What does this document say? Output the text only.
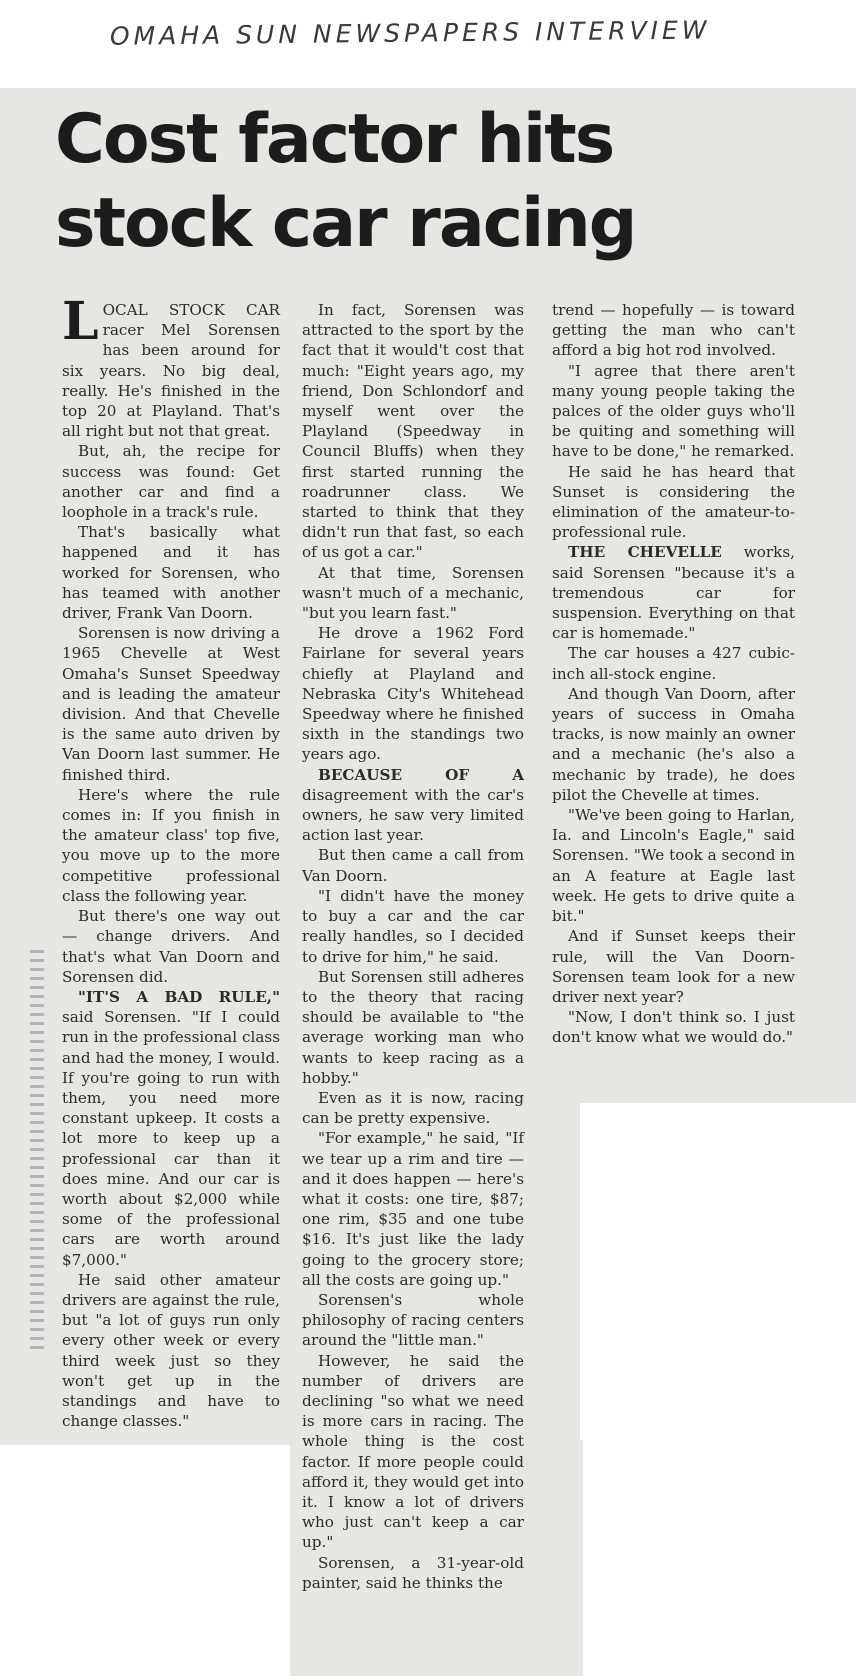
OMAHA SUN NEWSPAPERS INTERVIEW
Cost factor hits stock car racing

LOCAL STOCK CAR racer Mel Sorensen has been around for six years. No big deal, really. He's finished in the top 20 at Playland. That's all right but not that great.

But, ah, the recipe for success was found: Get another car and find a loophole in a track's rule.

That's basically what happened and it has worked for Sorensen, who has teamed with another driver, Frank Van Doorn.

Sorensen is now driving a 1965 Chevelle at West Omaha's Sunset Speedway and is leading the amateur division. And that Chevelle is the same auto driven by Van Doorn last summer. He finished third.

Here's where the rule comes in: If you finish in the amateur class' top five, you move up to the more competitive professional class the following year.

But there's one way out — change drivers. And that's what Van Doorn and Sorensen did.

"IT'S A BAD RULE," said Sorensen. "If I could run in the professional class and had the money, I would. If you're going to run with them, you need more constant upkeep. It costs a lot more to keep up a professional car than it does mine. And our car is worth about $2,000 while some of the professional cars are worth around $7,000."

He said other amateur drivers are against the rule, but "a lot of guys run only every other week or every third week just so they won't get up in the standings and have to change classes."

In fact, Sorensen was attracted to the sport by the fact that it would't cost that much: "Eight years ago, my friend, Don Schlondorf and myself went over the Playland (Speedway in Council Bluffs) when they first started running the roadrunner class. We started to think that they didn't run that fast, so each of us got a car."

At that time, Sorensen wasn't much of a mechanic, "but you learn fast."

He drove a 1962 Ford Fairlane for several years chiefly at Playland and Nebraska City's Whitehead Speedway where he finished sixth in the standings two years ago.

BECAUSE OF A disagreement with the car's owners, he saw very limited action last year.

But then came a call from Van Doorn.

"I didn't have the money to buy a car and the car really handles, so I decided to drive for him," he said.

But Sorensen still adheres to the theory that racing should be available to "the average working man who wants to keep racing as a hobby."

Even as it is now, racing can be pretty expensive.

"For example," he said, "If we tear up a rim and tire — and it does happen — here's what it costs: one tire, $87; one rim, $35 and one tube $16. It's just like the lady going to the grocery store; all the costs are going up."

Sorensen's whole philosophy of racing centers around the "little man."

However, he said the number of drivers are declining "so what we need is more cars in racing. The whole thing is the cost factor. If more people could afford it, they would get into it. I know a lot of drivers who just can't keep a car up."

Sorensen, a 31-year-old painter, said he thinks the

trend — hopefully — is toward getting the man who can't afford a big hot rod involved.

"I agree that there aren't many young people taking the palces of the older guys who'll be quiting and something will have to be done," he remarked.

He said he has heard that Sunset is considering the elimination of the amateur-to-professional rule.

THE CHEVELLE works, said Sorensen "because it's a tremendous car for suspension. Everything on that car is homemade."

The car houses a 427 cubic-inch all-stock engine.

And though Van Doorn, after years of success in Omaha tracks, is now mainly an owner and a mechanic (he's also a mechanic by trade), he does pilot the Chevelle at times.

"We've been going to Harlan, Ia. and Lincoln's Eagle," said Sorensen. "We took a second in an A feature at Eagle last week. He gets to drive quite a bit."

And if Sunset keeps their rule, will the Van Doorn-Sorensen team look for a new driver next year?

"Now, I don't think so. I just don't know what we would do."
